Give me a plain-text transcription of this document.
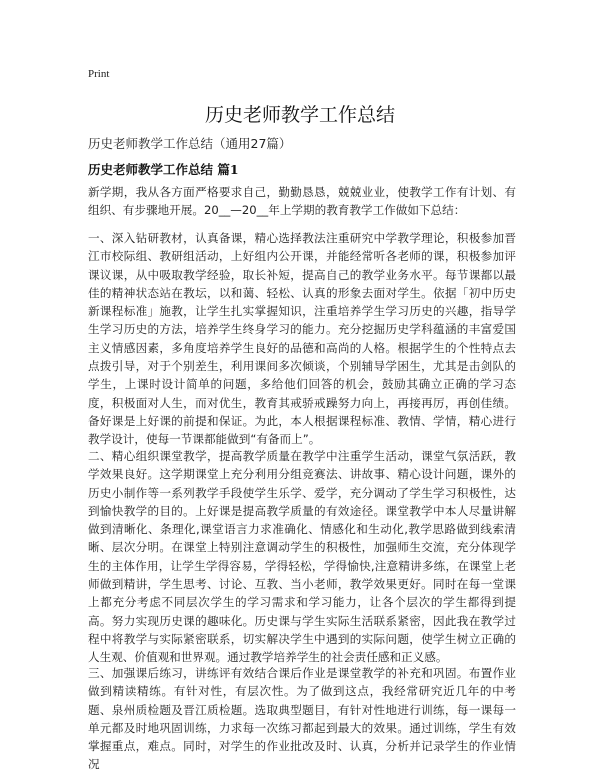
Print
历史老师教学工作总结
历史老师教学工作总结（通用27篇）
历史老师教学工作总结 篇1

新学期，我从各方面严格要求自己，勤勤恳恳，兢兢业业，使教学工作有计划、有组织、有步骤地开展。20__—20__年上学期的教育教学工作做如下总结：

一、深入钻研教材，认真备课，精心选择教法注重研究中学教学理论，积极参加晋江市校际组、教研组活动，上好组内公开课，并能经常听各老师的课，积极参加评课议课，从中吸取教学经验，取长补短，提高自己的教学业务水平。每节课都以最佳的精神状态站在教坛，以和蔼、轻松、认真的形象去面对学生。依据「初中历史新课程标准」施教，让学生扎实掌握知识，注重培养学生学习历史的兴趣，指导学生学习历史的方法，培养学生终身学习的能力。充分挖掘历史学科蕴涵的丰富爱国主义情感因素，多角度培养学生良好的品德和高尚的人格。根据学生的个性特点去点拨引导，对于个别差生，利用课间多次倾谈，个别辅导学困生，尤其是击剑队的学生，上课时设计简单的问题，多给他们回答的机会，鼓励其确立正确的学习态度，积极面对人生，而对优生，教育其戒骄戒躁努力向上，再接再厉，再创佳绩。备好课是上好课的前提和保证。为此，本人根据课程标准、教情、学情，精心进行教学设计，使每一节课都能做到“有备而上”。

二、精心组织课堂教学，提高教学质量在教学中注重学生活动，课堂气氛活跃，教学效果良好。这学期课堂上充分利用分组竞赛法、讲故事、精心设计问题，课外的历史小制作等一系列教学手段使学生乐学、爱学，充分调动了学生学习积极性，达到愉快教学的目的。上好课是提高教学质量的有效途径。课堂教学中本人尽量讲解做到清晰化、条理化,课堂语言力求准确化、情感化和生动化,教学思路做到线索清晰、层次分明。在课堂上特别注意调动学生的积极性，加强师生交流，充分体现学生的主体作用，让学生学得容易，学得轻松，学得愉快,注意精讲多练，在课堂上老师做到精讲，学生思考、讨论、互教、当小老师，教学效果更好。同时在每一堂课上都充分考虑不同层次学生的学习需求和学习能力，让各个层次的学生都得到提高。努力实现历史课的趣味化。历史课与学生实际生活联系紧密，因此我在教学过程中将教学与实际紧密联系，切实解决学生中遇到的实际问题，使学生树立正确的人生观、价值观和世界观。通过教学培养学生的社会责任感和正义感。

三、加强课后练习，讲练评有效结合课后作业是课堂教学的补充和巩固。布置作业做到精读精练。有针对性，有层次性。为了做到这点，我经常研究近几年的中考题、泉州质检题及晋江质检题。选取典型题目，有针对性地进行训练，每一课每一单元都及时地巩固训练，力求每一次练习都起到最大的效果。通过训练，学生有效掌握重点，难点。同时，对学生的作业批改及时、认真，分析并记录学生的作业情况
